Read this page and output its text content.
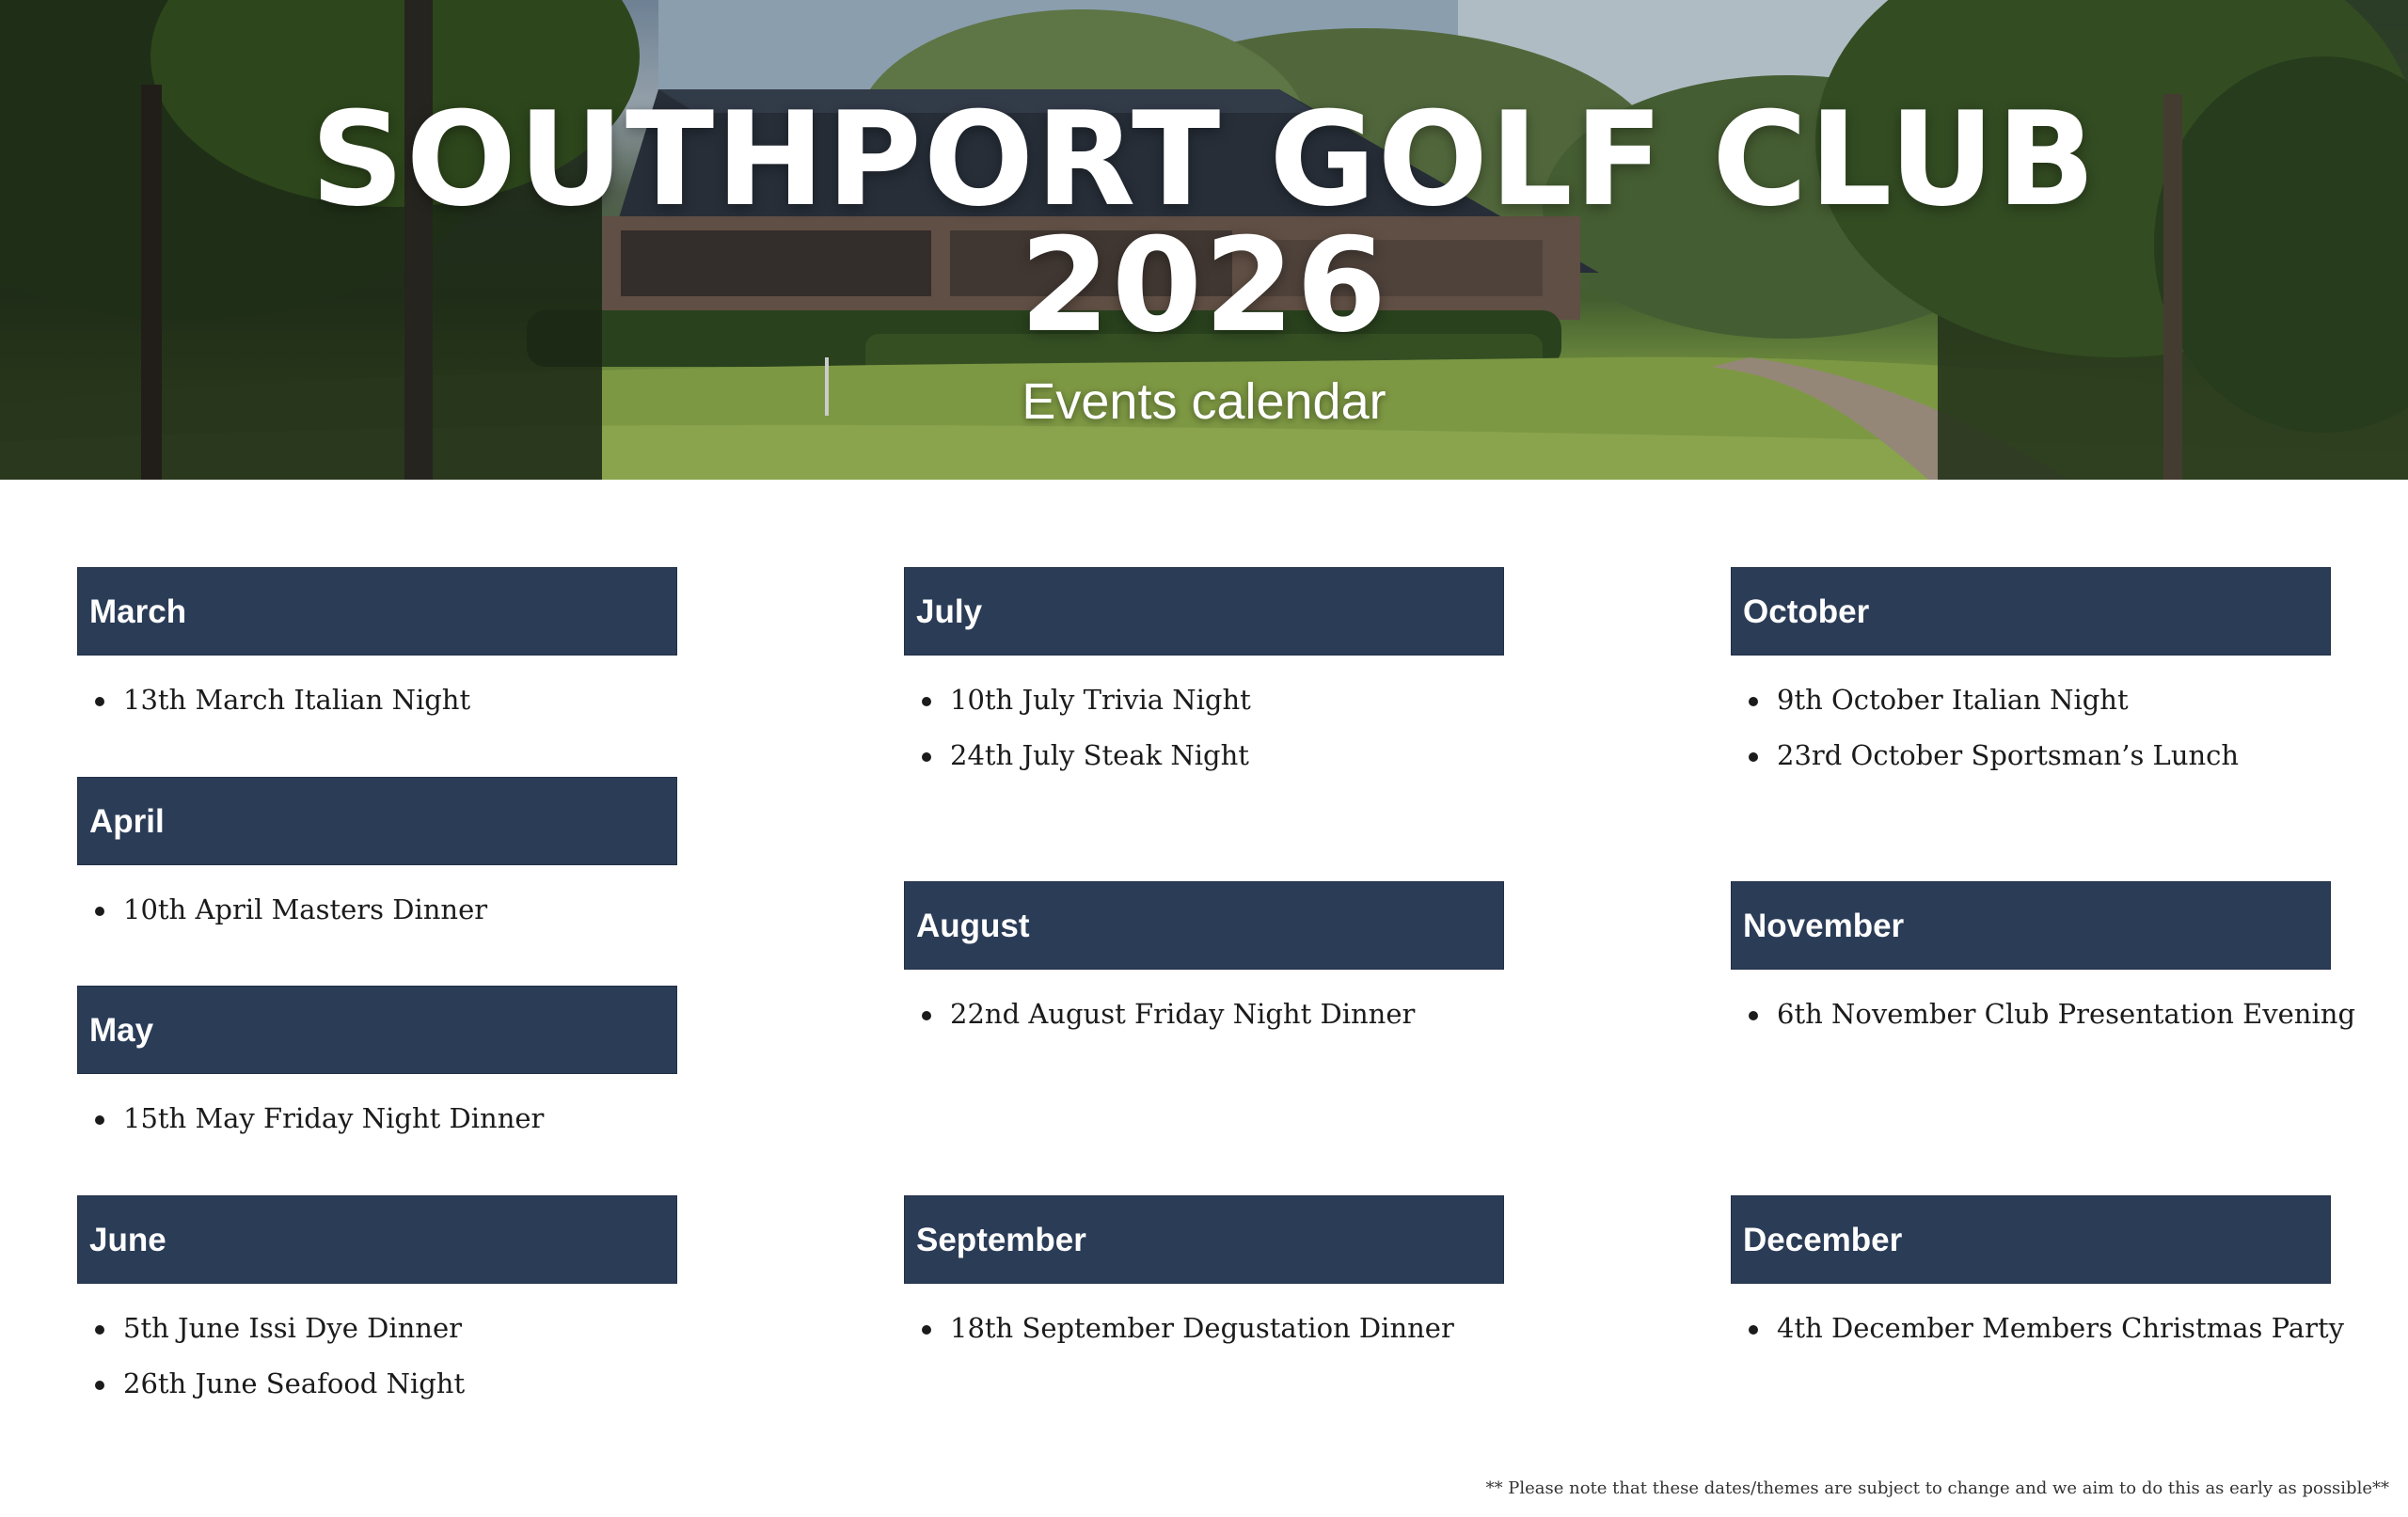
SOUTHPORT GOLF CLUB
2026
Events calendar
March
13th March Italian Night
April
10th April Masters Dinner
May
15th May Friday Night Dinner
June
5th June Issi Dye Dinner
26th June Seafood Night
July
10th July Trivia Night
24th July Steak Night
August
22nd August Friday Night Dinner
September
18th September Degustation Dinner
October
9th October Italian Night
23rd October Sportsman’s Lunch
November
6th November Club Presentation Evening
December
4th December Members Christmas Party
** Please note that these dates/themes are subject to change and we aim to do this as early as possible**
